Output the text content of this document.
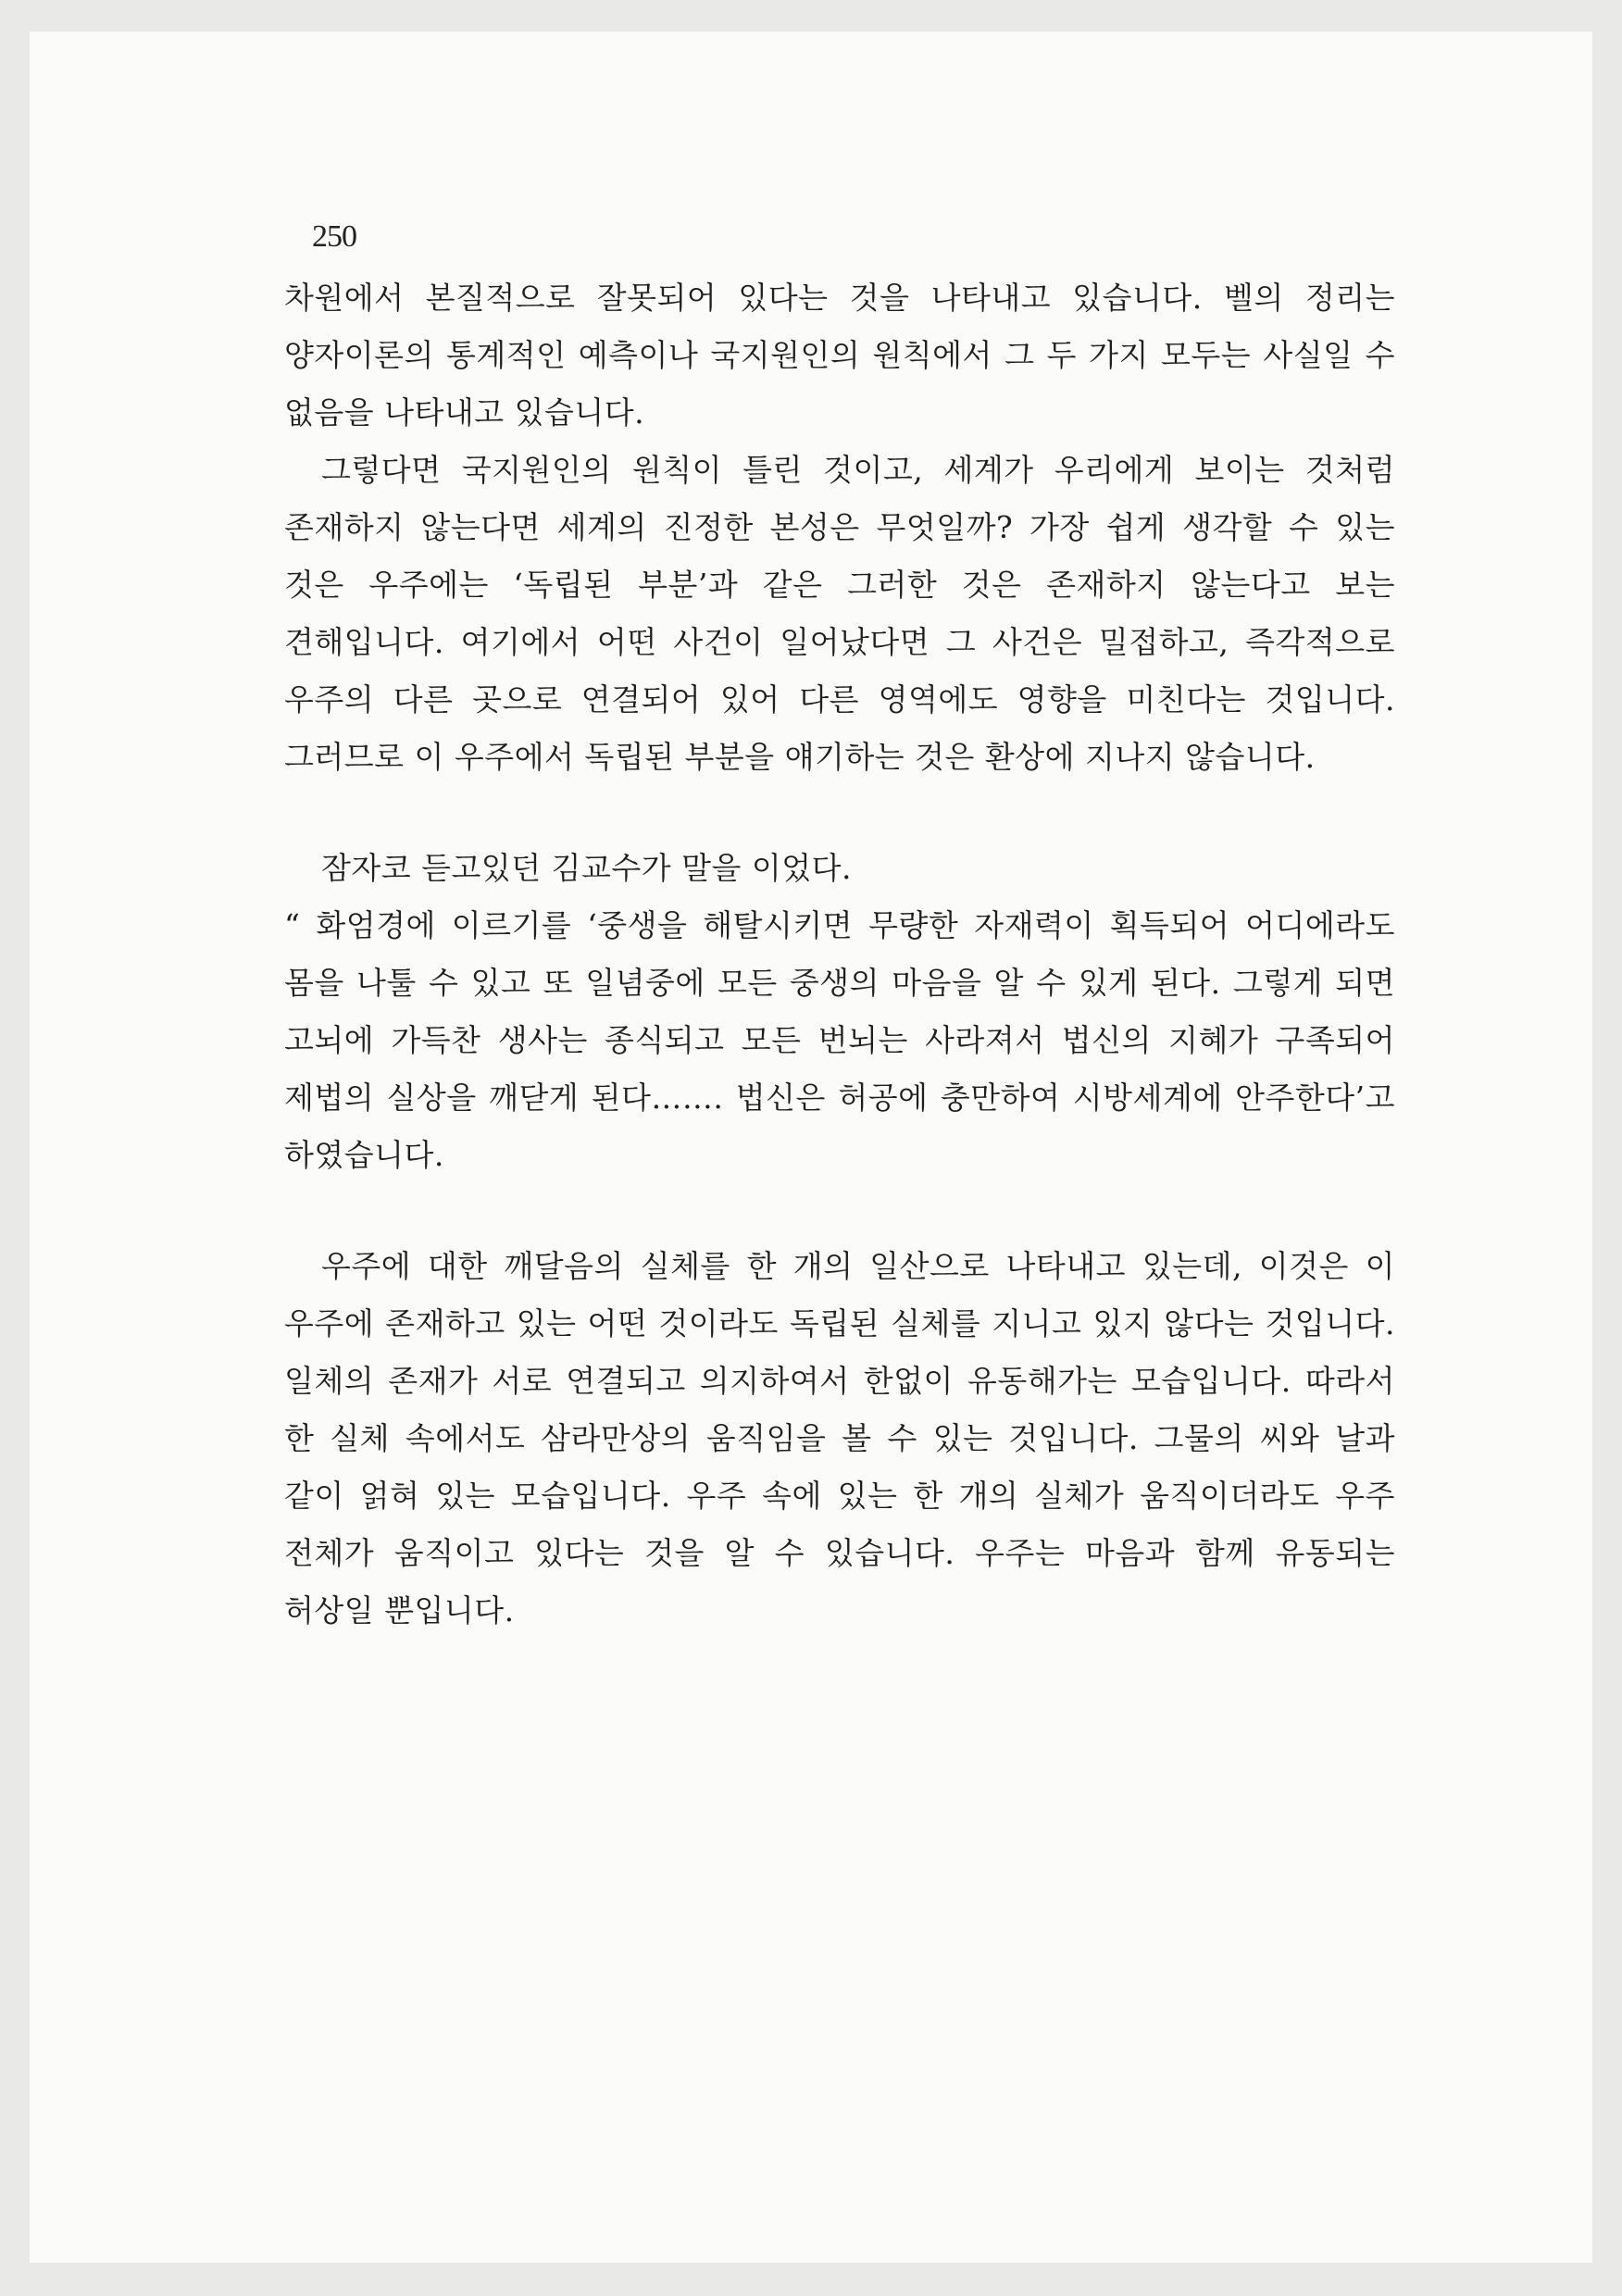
250

차원에서 본질적으로 잘못되어 있다는 것을 나타내고 있습니다. 벨의 정리는 양자이론의 통계적인 예측이나 국지원인의 원칙에서 그 두 가지 모두는 사실일 수 없음을 나타내고 있습니다.

그렇다면 국지원인의 원칙이 틀린 것이고, 세계가 우리에게 보이는 것처럼 존재하지 않는다면 세계의 진정한 본성은 무엇일까? 가장 쉽게 생각할 수 있는 것은 우주에는 ‘독립된 부분’과 같은 그러한 것은 존재하지 않는다고 보는 견해입니다. 여기에서 어떤 사건이 일어났다면 그 사건은 밀접하고, 즉각적으로 우주의 다른 곳으로 연결되어 있어 다른 영역에도 영향을 미친다는 것입니다. 그러므로 이 우주에서 독립된 부분을 얘기하는 것은 환상에 지나지 않습니다.

잠자코 듣고있던 김교수가 말을 이었다.

“ 화엄경에 이르기를 ‘중생을 해탈시키면 무량한 자재력이 획득되어 어디에라도 몸을 나툴 수 있고 또 일념중에 모든 중생의 마음을 알 수 있게 된다. 그렇게 되면 고뇌에 가득찬 생사는 종식되고 모든 번뇌는 사라져서 법신의 지혜가 구족되어 제법의 실상을 깨닫게 된다……. 법신은 허공에 충만하여 시방세계에 안주한다’고 하였습니다.

우주에 대한 깨달음의 실체를 한 개의 일산으로 나타내고 있는데, 이것은 이 우주에 존재하고 있는 어떤 것이라도 독립된 실체를 지니고 있지 않다는 것입니다. 일체의 존재가 서로 연결되고 의지하여서 한없이 유동해가는 모습입니다. 따라서 한 실체 속에서도 삼라만상의 움직임을 볼 수 있는 것입니다. 그물의 씨와 날과 같이 얽혀 있는 모습입니다. 우주 속에 있는 한 개의 실체가 움직이더라도 우주 전체가 움직이고 있다는 것을 알 수 있습니다. 우주는 마음과 함께 유동되는 허상일 뿐입니다.
